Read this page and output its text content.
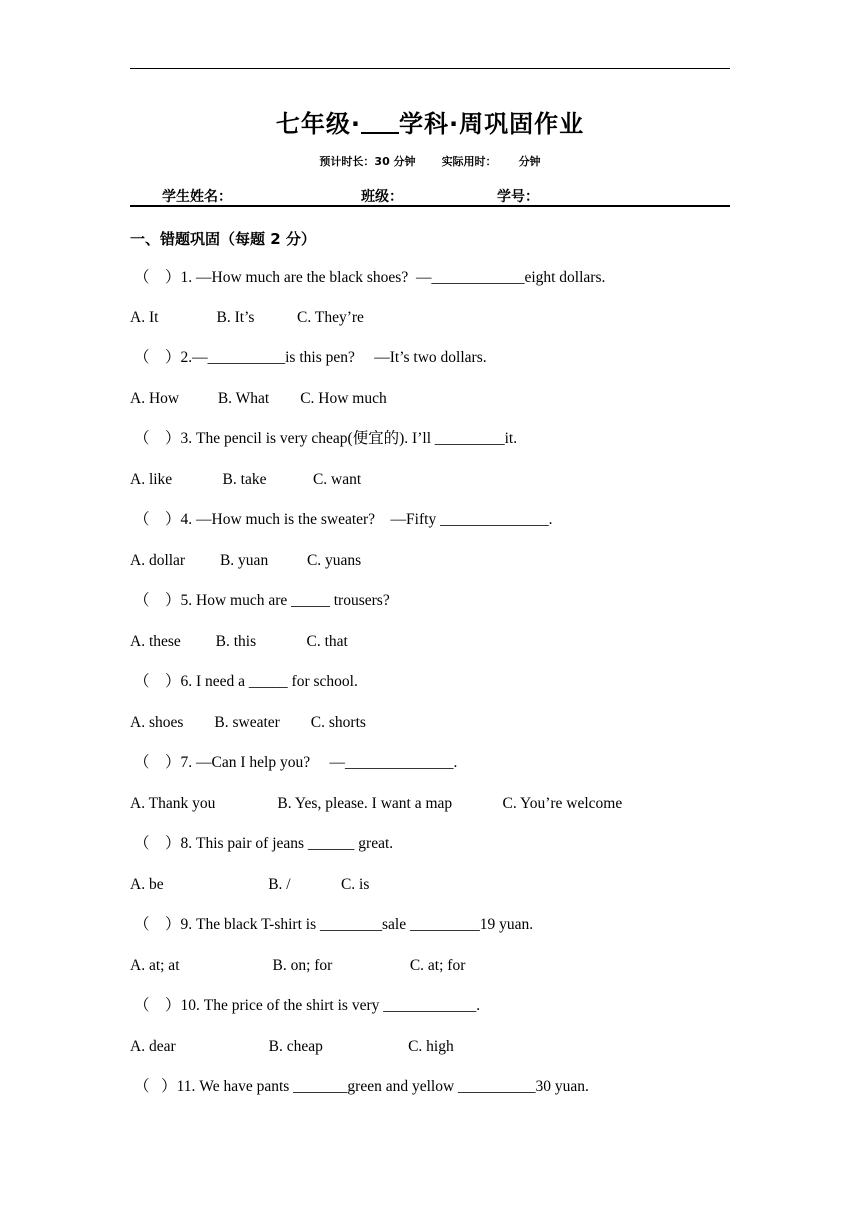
七年级· 学科·周巩固作业
预计时长：30 分钟 实际用时： 分钟
学生姓名：	班级：	学号：
一、错题巩固（每题 2 分）
（    ）1. —How much are the black shoes?  —____________eight dollars.
A. It               B. It’s           C. They’re
（    ）2.—__________is this pen?     —It’s two dollars.
A. How          B. What        C. How much
（    ）3. The pencil is very cheap(便宜的). I’ll _________it.
A. like             B. take            C. want
（    ）4. —How much is the sweater?    —Fifty ______________.
A. dollar         B. yuan          C. yuans
（    ）5. How much are _____ trousers?
A. these         B. this             C. that
（    ）6. I need a _____ for school.
A. shoes        B. sweater        C. shorts
（    ）7. —Can I help you?     —______________.
A. Thank you                B. Yes, please. I want a map             C. You’re welcome
（    ）8. This pair of jeans ______ great.
A. be                           B. /             C. is
（    ）9. The black T-shirt is ________sale _________19 yuan.
A. at; at                        B. on; for                    C. at; for
（    ）10. The price of the shirt is very ____________.
A. dear                        B. cheap                      C. high
（   ）11. We have pants _______green and yellow __________30 yuan.
